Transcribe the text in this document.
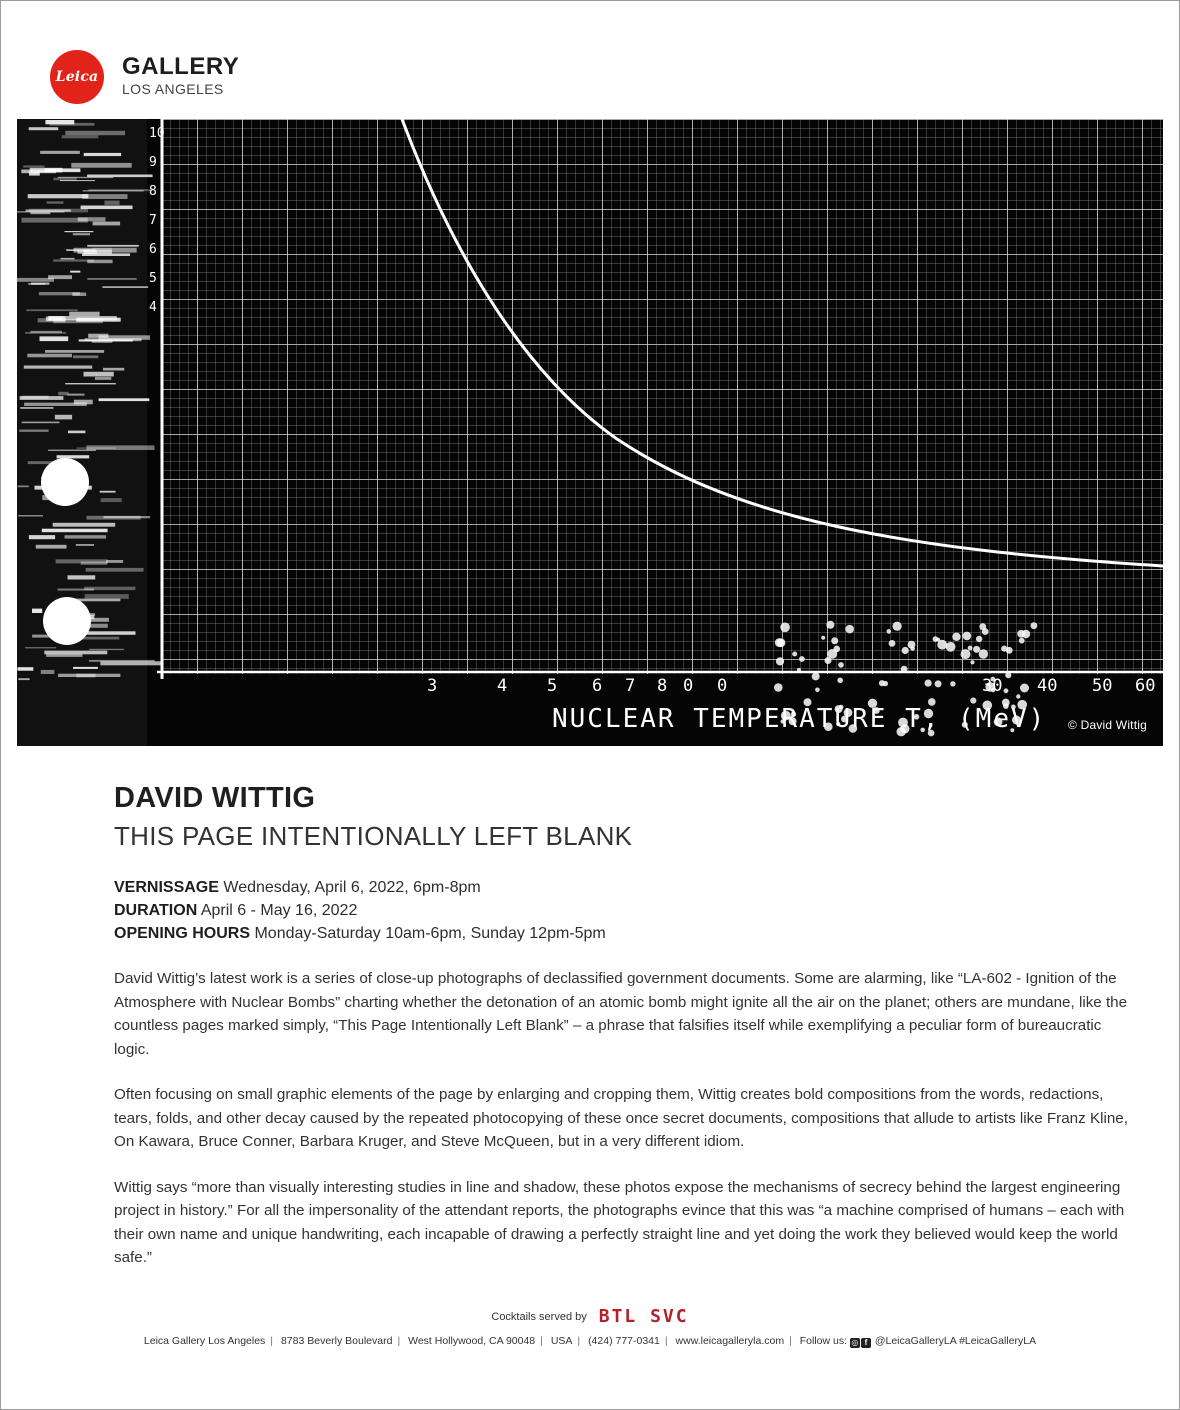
Leica GALLERY
LOS ANGELES
10
9
8
7
6
5
4
3	4 5 6 7 8 0 0	30 40 50 60
NUCLEAR TEMPERATURE T, (MeV) © David Wittig
DAVID WITTIG
THIS PAGE INTENTIONALLY LEFT BLANK
VERNISSAGE Wednesday, April 6, 2022, 6pm-8pm
DURATION April 6 - May 16, 2022
OPENING HOURS Monday-Saturday 10am-6pm, Sunday 12pm-5pm

David Wittig’s latest work is a series of close-up photographs of declassified government documents. Some are alarming, like “LA-602 - Ignition of the Atmosphere with Nuclear Bombs” charting whether the detonation of an atomic bomb might ignite all the air on the planet; others are mundane, like the countless pages marked simply, “This Page Intentionally Left Blank” – a phrase that falsifies itself while exemplifying a peculiar form of bureaucratic logic.

Often focusing on small graphic elements of the page by enlarging and cropping them, Wittig creates bold compositions from the words, redactions, tears, folds, and other decay caused by the repeated photocopying of these once secret documents, compositions that allude to artists like Franz Kline, On Kawara, Bruce Conner, Barbara Kruger, and Steve McQueen, but in a very different idiom.

Wittig says “more than visually interesting studies in line and shadow, these photos expose the mechanisms of secrecy behind the largest engineering project in history.” For all the impersonality of the attendant reports, the photographs evince that this was “a machine comprised of humans – each with their own name and unique handwriting, each incapable of drawing a perfectly straight line and yet doing the work they believed would keep the world safe.”

Cocktails served by BTL SVC
Leica Gallery Los Angeles | 8783 Beverly Boulevard | West Hollywood, CA 90048 | USA | (424) 777-0341 | www.leicagalleryla.com | Follow us: ◎ f @LeicaGalleryLA #LeicaGalleryLA
